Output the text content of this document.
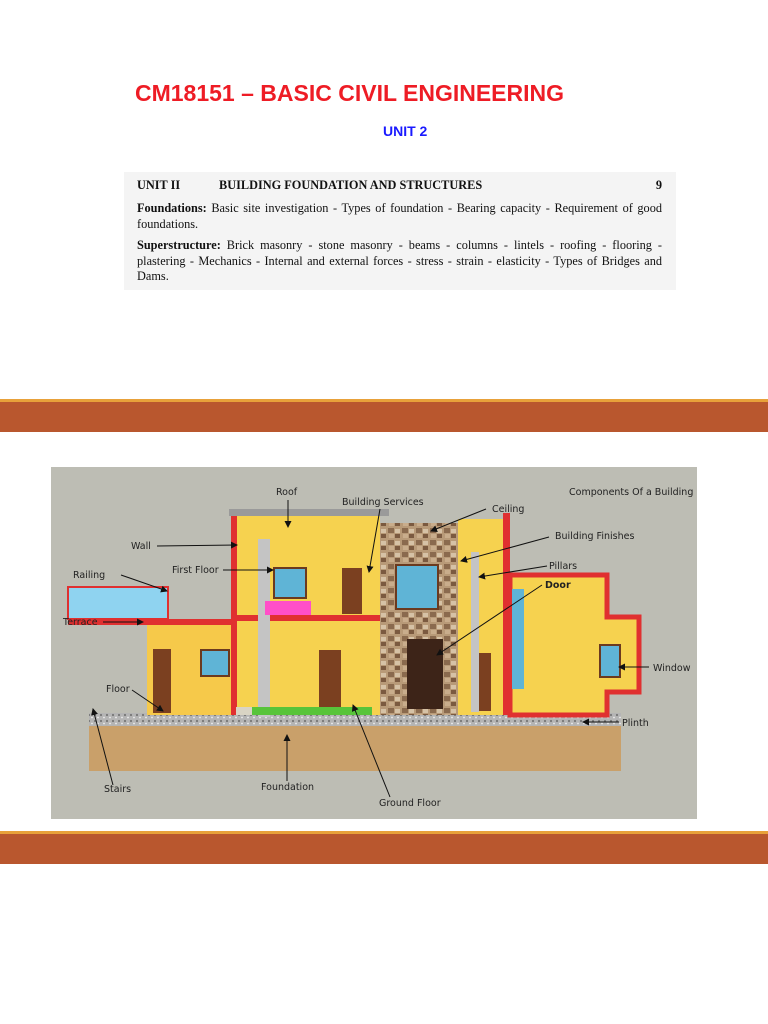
CM18151 – BASIC CIVIL ENGINEERING
UNIT 2
UNIT II	BUILDING FOUNDATION AND STRUCTURES	9

Foundations: Basic site investigation - Types of foundation - Bearing capacity - Requirement of good foundations.

Superstructure: Brick masonry - stone masonry - beams - columns - lintels - roofing - flooring - plastering - Mechanics - Internal and external forces - stress - strain - elasticity - Types of Bridges and Dams.

Roof
Building Services
Ceiling
Components Of a Building
Building Finishes
Wall
First Floor	Pillars
Railing
Door
Terrace
Window
Floor
Plinth
Stairs	Foundation
Ground Floor
